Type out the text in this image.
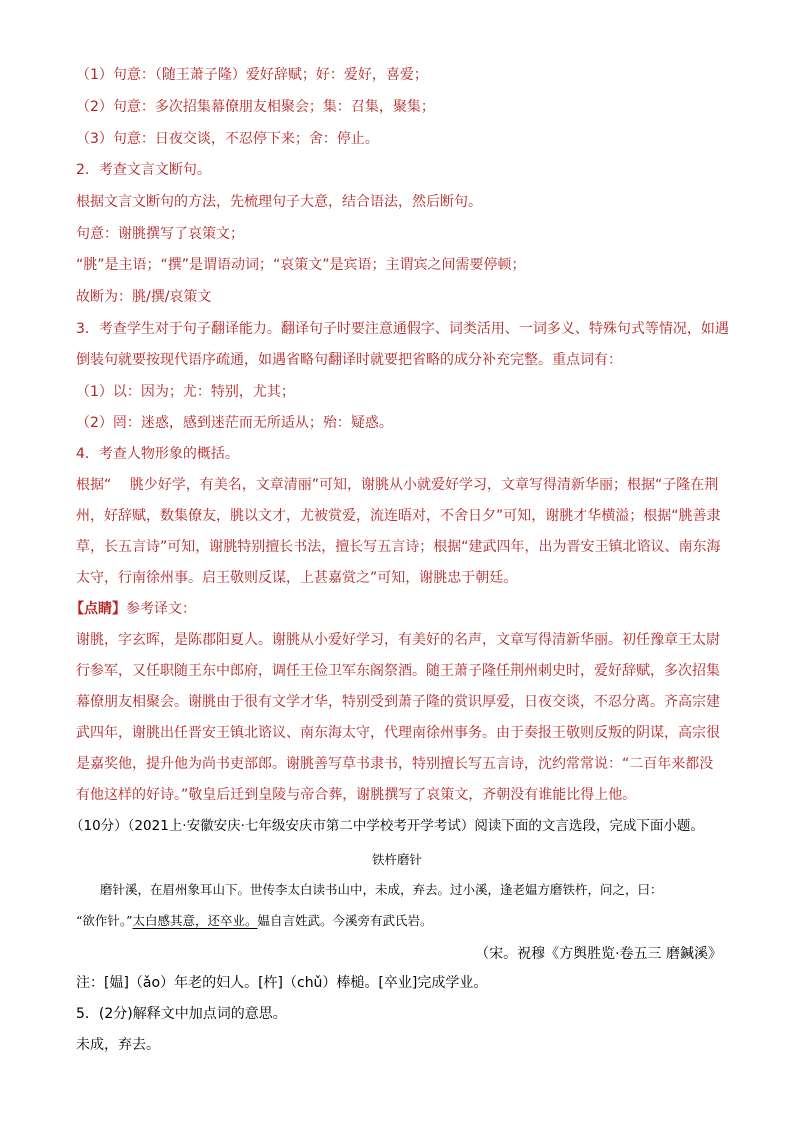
（1）句意：（随王萧子隆）爱好辞赋；好：爱好，喜爱；
（2）句意：多次招集幕僚朋友相聚会；集：召集，聚集；
（3）句意：日夜交谈，不忍停下来；舍：停止。
2．考查文言文断句。
根据文言文断句的方法，先梳理句子大意，结合语法，然后断句。
句意：谢朓撰写了哀策文；
“朓”是主语；“撰”是谓语动词；“哀策文”是宾语；主谓宾之间需要停顿；
故断为：朓/撰/哀策文
3．考查学生对于句子翻译能力。翻译句子时要注意通假字、词类活用、一词多义、特殊句式等情况，如遇
倒装句就要按现代语序疏通，如遇省略句翻译时就要把省略的成分补充完整。重点词有：
（1）以：因为；尤：特别，尤其；
（2）罔：迷惑，感到迷茫而无所适从；殆：疑惑。
4．考查人物形象的概括。
根据“　 朓少好学，有美名，文章清丽”可知，谢朓从小就爱好学习，文章写得清新华丽；根据“子隆在荆
州，好辞赋，数集僚友，朓以文才，尤被赏爱，流连晤对，不舍日夕”可知，谢朓才华横溢；根据“朓善隶
草，长五言诗”可知，谢朓特别擅长书法，擅长写五言诗；根据“建武四年，出为晋安王镇北谘议、南东海
太守，行南徐州事。启王敬则反谋，上甚嘉赏之”可知，谢朓忠于朝廷。
【点睛】参考译文：
谢朓，字玄晖，是陈郡阳夏人。谢朓从小爱好学习，有美好的名声，文章写得清新华丽。初任豫章王太尉
行参军，又任职随王东中郎府，调任王俭卫军东阁祭酒。随王萧子隆任荆州刺史时，爱好辞赋，多次招集
幕僚朋友相聚会。谢朓由于很有文学才华，特别受到萧子隆的赏识厚爱，日夜交谈，不忍分离。齐高宗建
武四年，谢朓出任晋安王镇北谘议、南东海太守，代理南徐州事务。由于奏报王敬则反叛的阴谋，高宗很
是嘉奖他，提升他为尚书吏部郎。谢朓善写草书隶书，特别擅长写五言诗，沈约常常说：“二百年来都没
有他这样的好诗。”敬皇后迁到皇陵与帝合葬，谢朓撰写了哀策文，齐朝没有谁能比得上他。
（10分）（2021上·安徽安庆·七年级安庆市第二中学校考开学考试）阅读下面的文言选段，完成下面小题。
铁杵磨针
磨针溪，在眉州象耳山下。世传李太白读书山中，未成，弃去。过小溪，逢老媪方磨铁杵，问之，曰：
“欲作针。”太白感其意，还卒业。媪自言姓武。今溪旁有武氏岩。
（宋。祝穆《方舆胜览·卷五三 磨鍼溪》
注：[媪]（ǎo）年老的妇人。[杵]（chǔ）棒槌。[卒业]完成学业。
5．(2分)解释文中加点词的意思。
未成，弃去。
